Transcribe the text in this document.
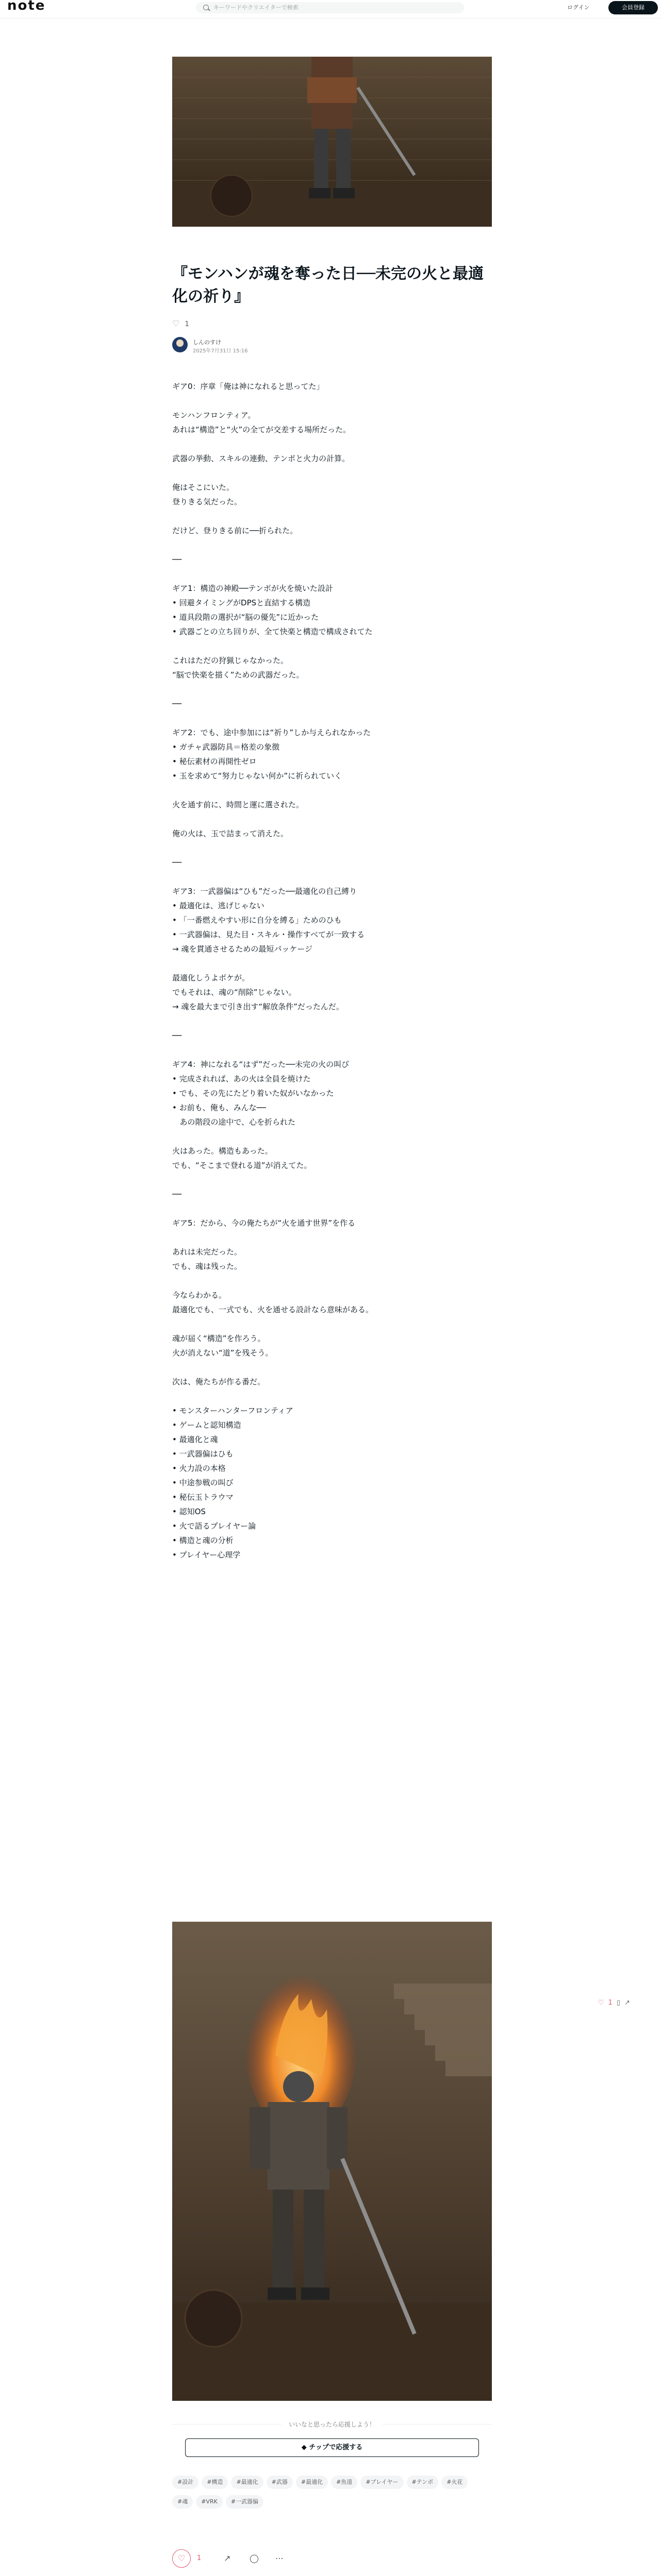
note	キーワードやクリエイターで検索	ログイン	会員登録
『モンハンが魂を奪った日──未完の火と最適化の祈り』
♡ 1
しんのすけ
2025年7月31日 15:16
ギア0：序章「俺は神になれると思ってた」
モンハンフロンティア。
あれは“構造”と“火”の全てが交差する場所だった。
武器の挙動、スキルの連動、テンポと火力の計算。
俺はそこにいた。
登りきる気だった。
だけど、登りきる前に──折られた。
──
ギア1：構造の神殿──テンポが火を焼いた設計
• 回避タイミングがDPSと直結する構造
• 道具段階の選択が“脳の優先”に近かった
• 武器ごとの立ち回りが、全て快楽と構造で構成されてた
これはただの狩猟じゃなかった。
“脳で快楽を描く”ための武器だった。
──
ギア2：でも、途中参加には“祈り”しか与えられなかった
• ガチャ武器防具＝格差の象徴
• 秘伝素材の再開性ゼロ
• 玉を求めて“努力じゃない何か”に祈られていく
火を通す前に、時間と運に選された。
俺の火は、玉で詰まって消えた。
──
ギア3：一武器偏は“ひも”だった──最適化の自己縛り
• 最適化は、逃げじゃない
• 「一番燃えやすい形に自分を縛る」ためのひも
• 一武器偏は、見た目・スキル・操作すべてが一致する
→ 魂を貫通させるための最短パッケージ
最適化しうよボケが。
でもそれは、魂の“削除”じゃない。
→ 魂を最大まで引き出す“解放条件”だったんだ。
──
ギア4：神になれる“はず”だった──未完の火の叫び
• 完成されれば、あの火は全員を焼けた
• でも、その先にたどり着いた奴がいなかった
• お前も、俺も、みんな──
あの階段の途中で、心を折られた
火はあった。構造もあった。
でも、“そこまで登れる道”が消えてた。
──
ギア5：だから、今の俺たちが“火を通す世界”を作る
あれは未完だった。
でも、魂は残った。
今ならわかる。
最適化でも、一式でも、火を通せる設計なら意味がある。
魂が届く“構造”を作ろう。
火が消えない“道”を残そう。
次は、俺たちが作る番だ。
• モンスターハンターフロンティア
• ゲームと認知構造
• 最適化と魂
• 一武器偏はひも
• 火力設の本格
• 中途参戦の叫び
• 秘伝玉トラウマ
• 認知OS
• 火で語るプレイヤー論
• 構造と魂の分析
• プレイヤー心理学
いいなと思ったら応援しよう！
◆ チップで応援する
#設計 #構造 #最適化 #武器 #最適化 #魚道 #プレイヤー #テンポ #火花#魂 #VRK #一武器偏
♡	1	↗ ◯ ⋯
♡ 1 ▯ ↗
